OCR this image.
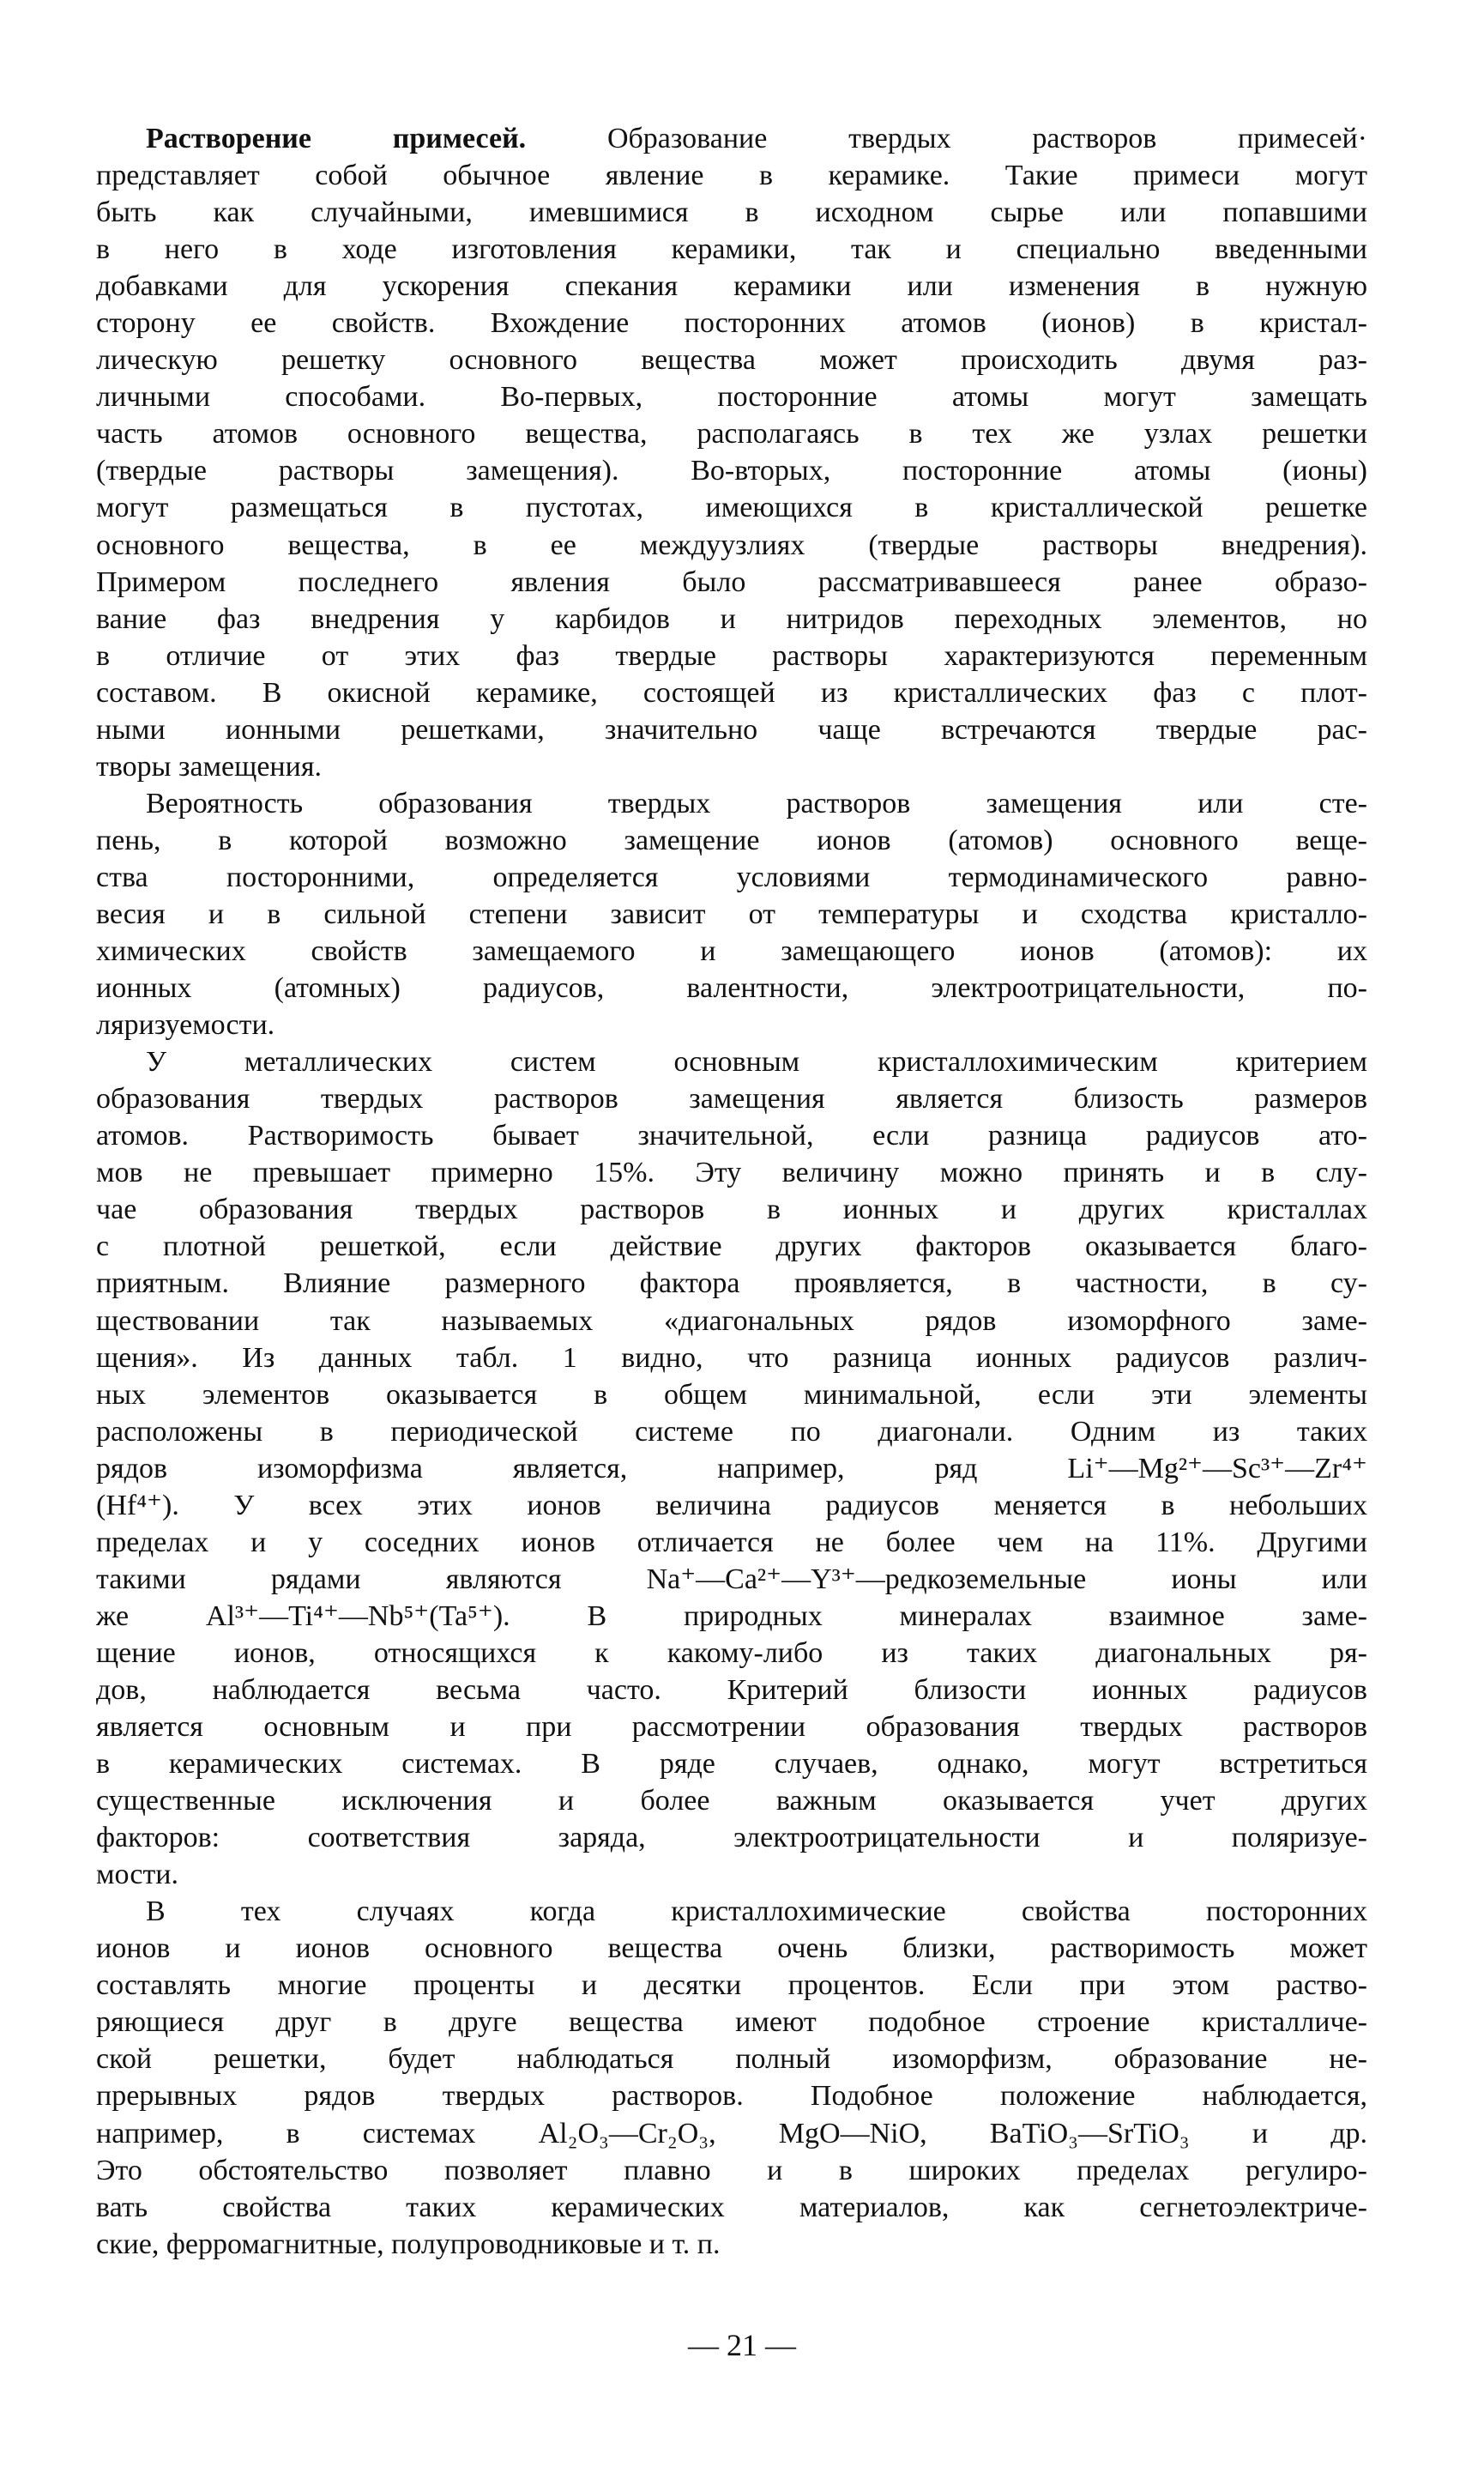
Растворение примесей. Образование твердых растворов примесей·
представляет собой обычное явление в керамике. Такие примеси могут
быть как случайными, имевшимися в исходном сырье или попавшими
в него в ходе изготовления керамики, так и специально введенными
добавками для ускорения спекания керамики или изменения в нужную
сторону ее свойств. Вхождение посторонних атомов (ионов) в кристал-
лическую решетку основного вещества может происходить двумя раз-
личными способами. Во-первых, посторонние атомы могут замещать
часть атомов основного вещества, располагаясь в тех же узлах решетки
(твердые растворы замещения). Во-вторых, посторонние атомы (ионы)
могут размещаться в пустотах, имеющихся в кристаллической решетке
основного вещества, в ее междуузлиях (твердые растворы внедрения).
Примером последнего явления было рассматривавшееся ранее образо-
вание фаз внедрения у карбидов и нитридов переходных элементов, но
в отличие от этих фаз твердые растворы характеризуются переменным
составом. В окисной керамике, состоящей из кристаллических фаз с плот-
ными ионными решетками, значительно чаще встречаются твердые рас-
творы замещения.
Вероятность образования твердых растворов замещения или сте-
пень, в которой возможно замещение ионов (атомов) основного веще-
ства посторонними, определяется условиями термодинамического равно-
весия и в сильной степени зависит от температуры и сходства кристалло-
химических свойств замещаемого и замещающего ионов (атомов): их
ионных (атомных) радиусов, валентности, электроотрицательности, по-
ляризуемости.
У металлических систем основным кристаллохимическим критерием
образования твердых растворов замещения является близость размеров
атомов. Растворимость бывает значительной, если разница радиусов ато-
мов не превышает примерно 15%. Эту величину можно принять и в слу-
чае образования твердых растворов в ионных и других кристаллах
с плотной решеткой, если действие других факторов оказывается благо-
приятным. Влияние размерного фактора проявляется, в частности, в су-
ществовании так называемых «диагональных рядов изоморфного заме-
щения». Из данных табл. 1 видно, что разница ионных радиусов различ-
ных элементов оказывается в общем минимальной, если эти элементы
расположены в периодической системе по диагонали. Одним из таких
рядов изоморфизма является, например, ряд Li⁺—Mg²⁺—Sc³⁺—Zr⁴⁺
(Hf⁴⁺). У всех этих ионов величина радиусов меняется в небольших
пределах и у соседних ионов отличается не более чем на 11%. Другими
такими рядами являются Na⁺—Ca²⁺—Y³⁺—редкоземельные ионы или
же Al³⁺—Ti⁴⁺—Nb⁵⁺(Ta⁵⁺). В природных минералах взаимное заме-
щение ионов, относящихся к какому-либо из таких диагональных ря-
дов, наблюдается весьма часто. Критерий близости ионных радиусов
является основным и при рассмотрении образования твердых растворов
в керамических системах. В ряде случаев, однако, могут встретиться
существенные исключения и более важным оказывается учет других
факторов: соответствия заряда, электроотрицательности и поляризуе-
мости.
В тех случаях когда кристаллохимические свойства посторонних
ионов и ионов основного вещества очень близки, растворимость может
составлять многие проценты и десятки процентов. Если при этом раство-
ряющиеся друг в друге вещества имеют подобное строение кристалличе-
ской решетки, будет наблюдаться полный изоморфизм, образование не-
прерывных рядов твердых растворов. Подобное положение наблюдается,
например, в системах Al₂O₃—Cr₂O₃, MgO—NiO, BaTiO₃—SrTiO₃ и др.
Это обстоятельство позволяет плавно и в широких пределах регулиро-
вать свойства таких керамических материалов, как сегнетоэлектриче-
ские, ферромагнитные, полупроводниковые и т. п.
— 21 —
